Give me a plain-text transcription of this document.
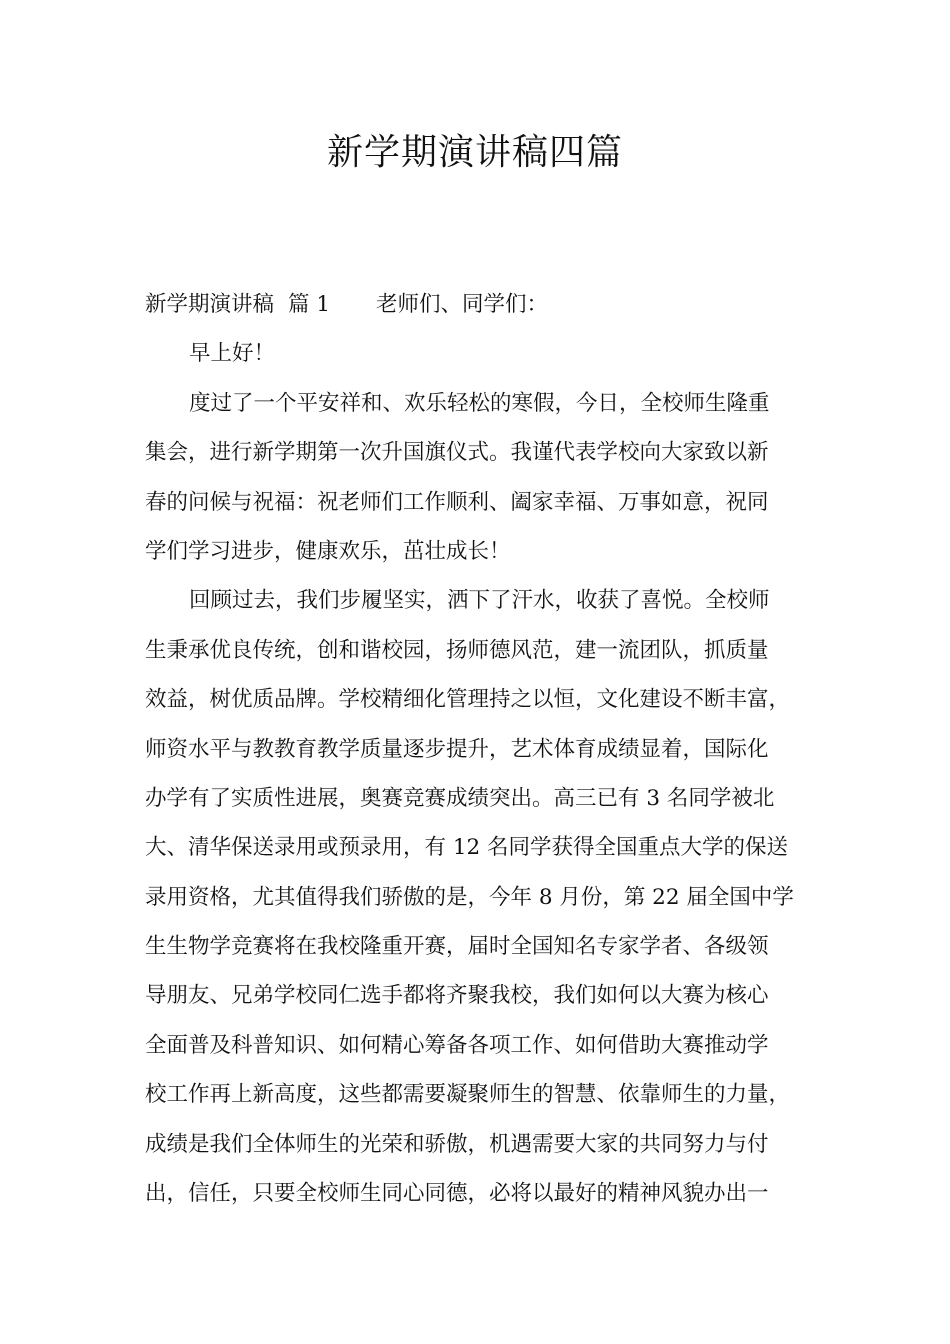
新学期演讲稿四篇
新学期演讲稿 篇 1 老师们、同学们：
早上好！
度过了一个平安祥和、欢乐轻松的寒假，今日，全校师生隆重
集会，进行新学期第一次升国旗仪式。我谨代表学校向大家致以新
春的问候与祝福：祝老师们工作顺利、阖家幸福、万事如意，祝同
学们学习进步，健康欢乐，茁壮成长！
回顾过去，我们步履坚实，洒下了汗水，收获了喜悦。全校师
生秉承优良传统，创和谐校园，扬师德风范，建一流团队，抓质量
效益，树优质品牌。学校精细化管理持之以恒，文化建设不断丰富，
师资水平与教教育教学质量逐步提升，艺术体育成绩显着，国际化
办学有了实质性进展，奥赛竞赛成绩突出。高三已有 3 名同学被北
大、清华保送录用或预录用，有 12 名同学获得全国重点大学的保送
录用资格，尤其值得我们骄傲的是，今年 8 月份，第 22 届全国中学
生生物学竞赛将在我校隆重开赛，届时全国知名专家学者、各级领
导朋友、兄弟学校同仁选手都将齐聚我校，我们如何以大赛为核心
全面普及科普知识、如何精心筹备各项工作、如何借助大赛推动学
校工作再上新高度，这些都需要凝聚师生的智慧、依靠师生的力量，
成绩是我们全体师生的光荣和骄傲，机遇需要大家的共同努力与付
出，信任，只要全校师生同心同德，必将以最好的精神风貌办出一
